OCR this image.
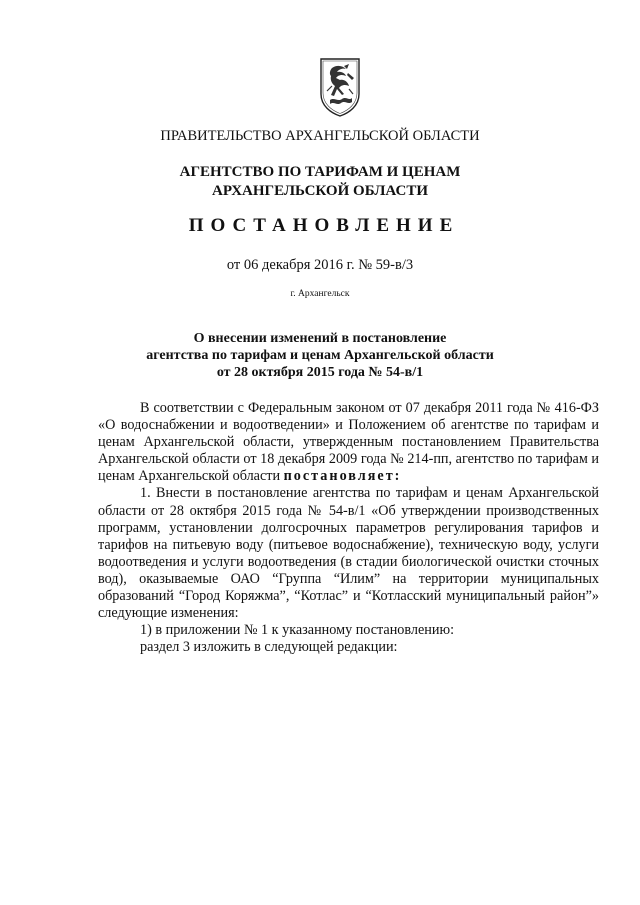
ПРАВИТЕЛЬСТВО АРХАНГЕЛЬСКОЙ ОБЛАСТИ
АГЕНТСТВО ПО ТАРИФАМ И ЦЕНАМ
АРХАНГЕЛЬСКОЙ ОБЛАСТИ
ПОСТАНОВЛЕНИЕ
от 06 декабря 2016 г. № 59-в/3
г. Архангельск
О внесении изменений в постановление
агентства по тарифам и ценам Архангельской области
от 28 октября 2015 года № 54-в/1

В соответствии с Федеральным законом от 07 декабря 2011 года № 416-ФЗ «О водоснабжении и водоотведении» и Положением об агентстве по тарифам и ценам Архангельской области, утвержденным постановлением Правительства Архангельской области от 18 декабря 2009 года № 214-пп, агентство по тарифам и ценам Архангельской области постановляет:

1. Внести в постановление агентства по тарифам и ценам Архангельской области от 28 октября 2015 года № 54-в/1 «Об утверждении производственных программ, установлении долгосрочных параметров регулирования тарифов и тарифов на питьевую воду (питьевое водоснабжение), техническую воду, услуги водоотведения и услуги водоотведения (в стадии биологической очистки сточных вод), оказываемые ОАО “Группа “Илим” на территории муниципальных образований “Город Коряжма”, “Котлас” и “Котласский муниципальный район”» следующие изменения:

1) в приложении № 1 к указанному постановлению:

раздел 3 изложить в следующей редакции:
